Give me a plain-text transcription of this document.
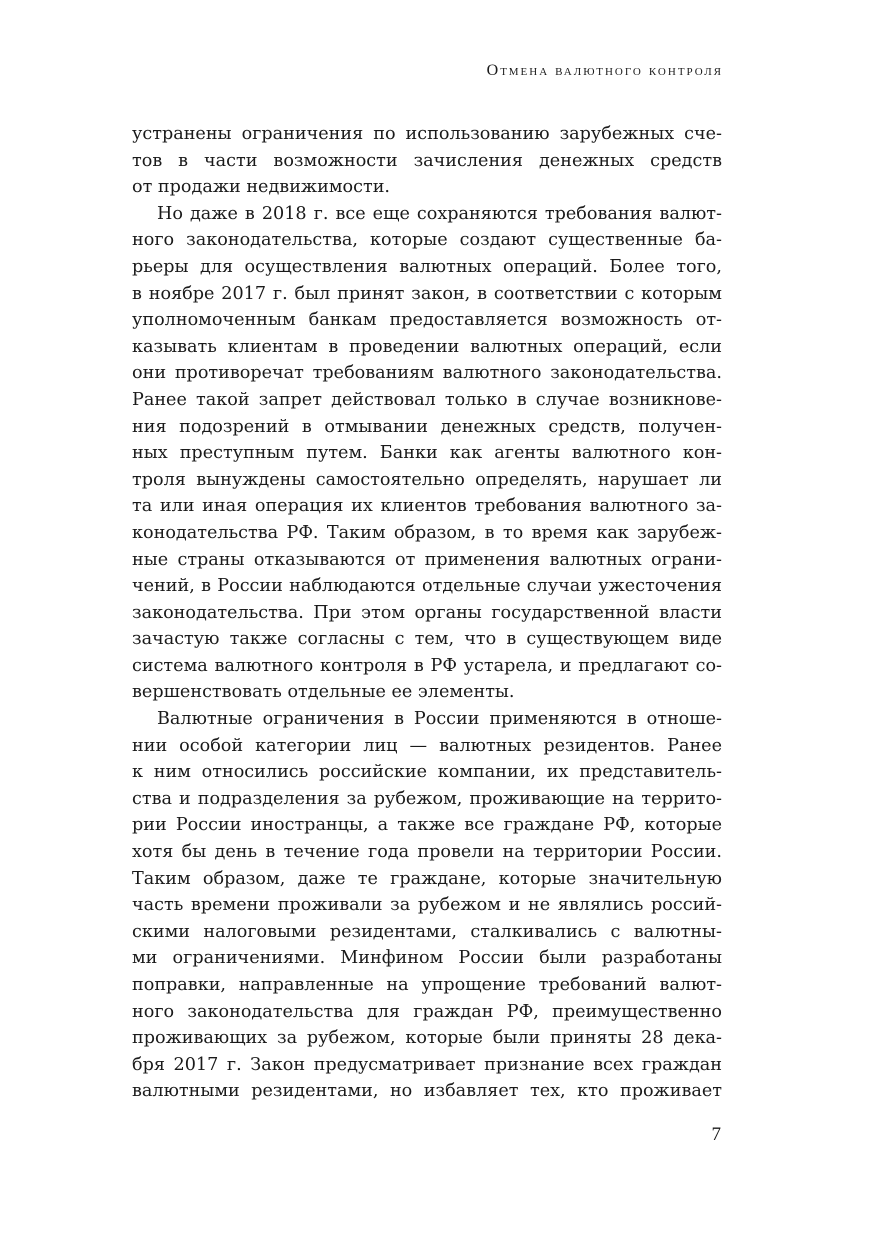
Отмена валютного контроля
устранены ограничения по использованию зарубежных сче-
тов в части возможности зачисления денежных средств
от продажи недвижимости.
Но даже в 2018 г. все еще сохраняются требования валют-
ного законодательства, которые создают существенные ба-
рьеры для осуществления валютных операций. Более того,
в ноябре 2017 г. был принят закон, в соответствии с которым
уполномоченным банкам предоставляется возможность от-
казывать клиентам в проведении валютных операций, если
они противоречат требованиям валютного законодательства.
Ранее такой запрет действовал только в случае возникнове-
ния подозрений в отмывании денежных средств, получен-
ных преступным путем. Банки как агенты валютного кон-
троля вынуждены самостоятельно определять, нарушает ли
та или иная операция их клиентов требования валютного за-
конодательства РФ. Таким образом, в то время как зарубеж-
ные страны отказываются от применения валютных ограни-
чений, в России наблюдаются отдельные случаи ужесточения
законодательства. При этом органы государственной власти
зачастую также согласны с тем, что в существующем виде
система валютного контроля в РФ устарела, и предлагают со-
вершенствовать отдельные ее элементы.
Валютные ограничения в России применяются в отноше-
нии особой категории лиц — валютных резидентов. Ранее
к ним относились российские компании, их представитель-
ства и подразделения за рубежом, проживающие на террито-
рии России иностранцы, а также все граждане РФ, которые
хотя бы день в течение года провели на территории России.
Таким образом, даже те граждане, которые значительную
часть времени проживали за рубежом и не являлись россий-
скими налоговыми резидентами, сталкивались с валютны-
ми ограничениями. Минфином России были разработаны
поправки, направленные на упрощение требований валют-
ного законодательства для граждан РФ, преимущественно
проживающих за рубежом, которые были приняты 28 дека-
бря 2017 г. Закон предусматривает признание всех граждан
валютными резидентами, но избавляет тех, кто проживает
7
